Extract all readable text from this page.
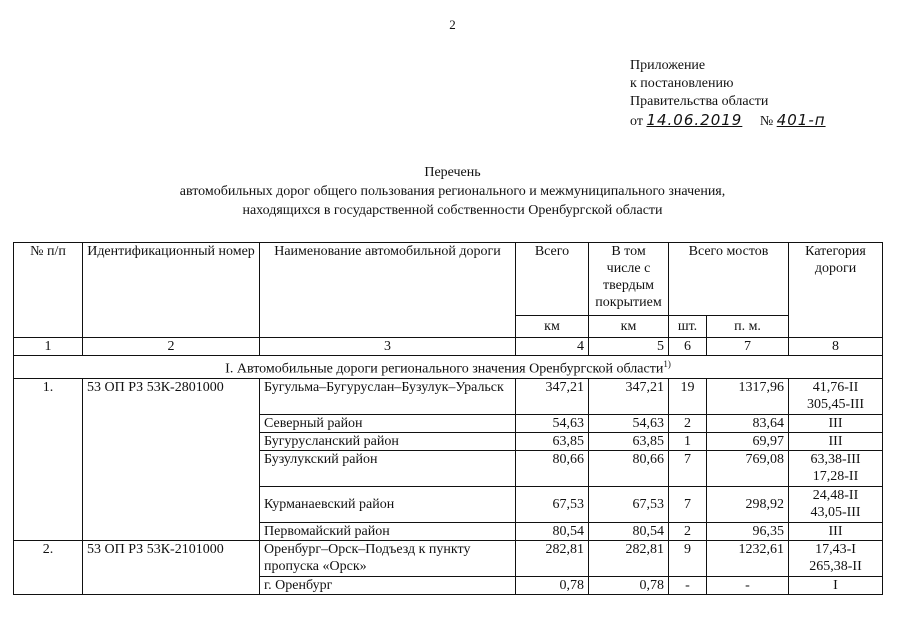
2
Приложение
к постановлению
Правительства области
от 14.06.2019 № 401-п
Перечень
автомобильных дорог общего пользования регионального и межмуниципального значения,
находящихся в государственной собственности Оренбургской области
№ п/п	Идентификационный номер	Наименование автомобильной дороги	Всего	В том числе с твердым покрытием	Всего мостов		Категория дороги
			км	км	шт.	п. м.	
1	2	3	4	5	6	7	8
I. Автомобильные дороги регионального значения Оренбургской области$^{1)}$
1.	53 ОП РЗ 53К-2801000	Бугульма–Бугуруслан–Бузулук–Уральск	347,21	347,21	19	1317,96	41,76-II 305,45-III
		Северный район	54,63	54,63	2	83,64	III
		Бугурусланский район	63,85	63,85	1	69,97	III
		Бузулукский район	80,66	80,66	7	769,08	63,38-III 17,28-II
		Курманаевский район	67,53	67,53	7	298,92	24,48-II 43,05-III
		Первомайский район	80,54	80,54	2	96,35	III
2.	53 ОП РЗ 53К-2101000	Оренбург–Орск–Подъезд к пункту пропуска «Орск»	282,81	282,81	9	1232,61	17,43-I 265,38-II
		г. Оренбург	0,78	0,78	-	-	I
